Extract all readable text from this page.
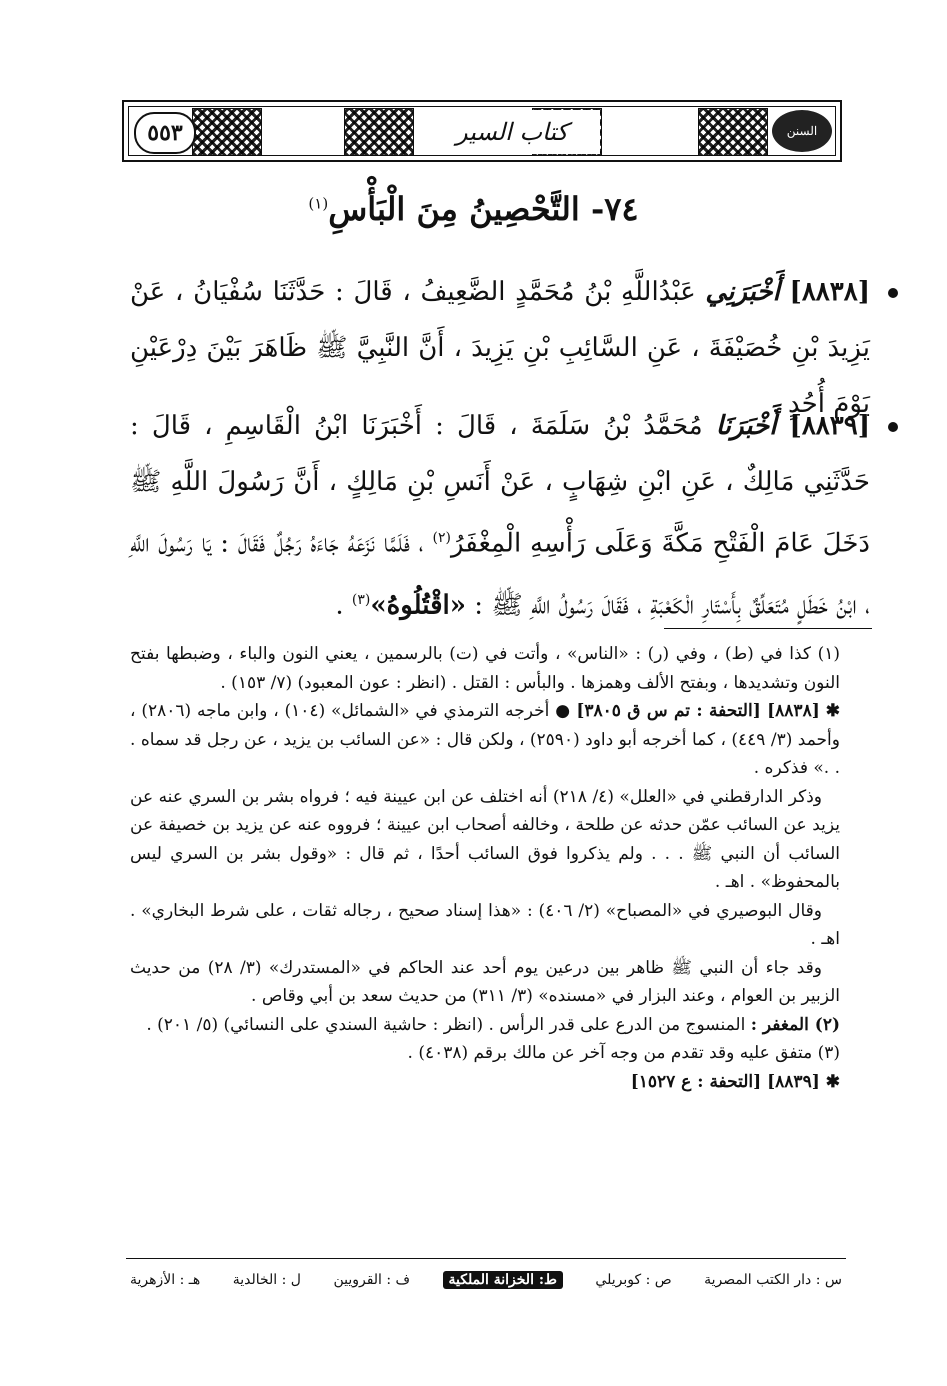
٥٥٣	كتاب السير	السنن الكبرى
٧٤- التَّحْصِينُ مِنَ الْبَأْسِ$^{(١)}$
[٨٨٣٨] أَخْبَرَنِي عَبْدُاللَّهِ بْنُ مُحَمَّدٍ الضَّعِيفُ ، قَالَ : حَدَّثَنَا سُفْيَانُ ، عَنْ يَزِيدَ بْنِ خُصَيْفَةَ ، عَنِ السَّائِبِ بْنِ يَزِيدَ ، أَنَّ النَّبِيَّ ﷺ ظَاهَرَ بَيْنَ دِرْعَيْنِ يَوْمَ أُحُدٍ .
[٨٨٣٩] أَخْبَرَنَا مُحَمَّدُ بْنُ سَلَمَةَ ، قَالَ : أَخْبَرَنَا ابْنُ الْقَاسِمِ ، قَالَ : حَدَّثَنِي مَالِكٌ ، عَنِ ابْنِ شِهَابٍ ، عَنْ أَنَسِ بْنِ مَالِكٍ ، أَنَّ رَسُولَ اللَّهِ ﷺ دَخَلَ عَامَ الْفَتْحِ مَكَّةَ وَعَلَى رَأْسِهِ الْمِغْفَرُ$^{(٢)}$ ، فَلَمَّا نَزَعَهُ جَاءَهُ رَجُلٌ فَقَالَ : يَا رَسُولَ اللَّهِ ، ابْنُ خَطَلٍ مُتَعَلِّقٌ بِأَسْتَارِ الْكَعْبَةِ ، فَقَالَ رَسُولُ اللَّهِ ﷺ : «اقْتُلُوهُ»$^{(٣)}$ .

(١) كذا في (ط) ، وفي (ر) : «الناس» ، وأتت في (ت) بالرسمين ، يعني النون والباء ، وضبطها بفتح النون وتشديدها ، وبفتح الألف وهمزها . والبأس : القتل . (انظر : عون المعبود) (٧/ ١٥٣) .

✱[٨٨٣٨] [التحفة : تم س ق ٣٨٠٥] ● أخرجه الترمذي في «الشمائل» (١٠٤) ، وابن ماجه (٢٨٠٦) ، وأحمد (٣/ ٤٤٩) ، كما أخرجه أبو داود (٢٥٩٠) ، ولكن قال : «عن السائب بن يزيد ، عن رجل قد سماه . . .» فذكره .

وذكر الدارقطني في «العلل» (٤/ ٢١٨) أنه اختلف عن ابن عيينة فيه ؛ فرواه بشر بن السري عنه عن يزيد عن السائب عمّن حدثه عن طلحة ، وخالفه أصحاب ابن عيينة ؛ فرووه عنه عن يزيد بن خصيفة عن السائب أن النبي ﷺ . . . ولم يذكروا فوق السائب أحدًا ، ثم قال : «وقول بشر بن السري ليس بالمحفوظ» . اهـ .

وقال البوصيري في «المصباح» (٢/ ٤٠٦) : «هذا إسناد صحيح ، رجاله ثقات ، على شرط البخاري» . اهـ .

وقد جاء أن النبي ﷺ ظاهر بين درعين يوم أحد عند الحاكم في «المستدرك» (٣/ ٢٨) من حديث الزبير بن العوام ، وعند البزار في «مسنده» (٣/ ٣١١) من حديث سعد بن أبي وقاص .

(٢) المغفر : المنسوج من الدرع على قدر الرأس . (انظر : حاشية السندي على النسائي) (٥/ ٢٠١) .

(٣) متفق عليه وقد تقدم من وجه آخر عن مالك برقم (٤٠٣٨) .

✱[٨٨٣٩] [التحفة : ع ١٥٢٧]

س : دار الكتب المصرية
ص : كوبريلي
ط: الخزانة الملكية
ف : القرويين
ل : الخالدية
هـ : الأزهرية
